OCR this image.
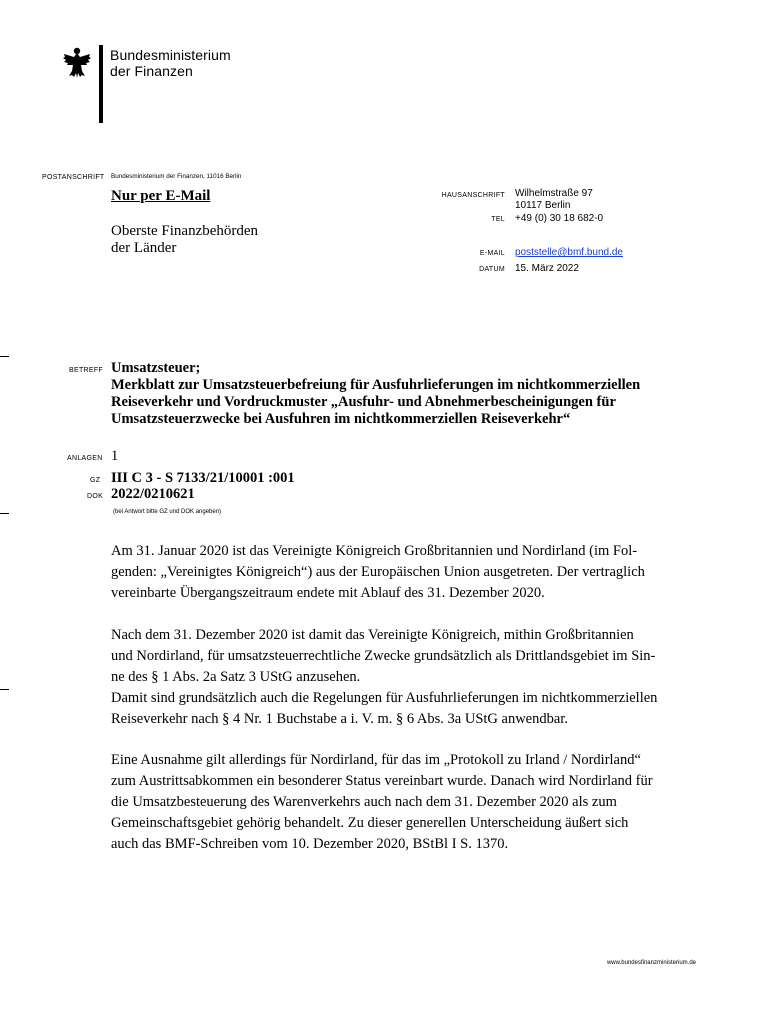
Bundesministerium
der Finanzen
POSTANSCHRIFT Bundesministerium der Finanzen, 11016 Berlin
Nur per E-Mail
Oberste Finanzbehörden
der Länder
HAUSANSCHRIFT Wilhelmstraße 97
10117 Berlin
TEL +49 (0) 30 18 682-0
E-MAIL poststelle@bmf.bund.de
DATUM 15. März 2022
BETREFF Umsatzsteuer;
Merkblatt zur Umsatzsteuerbefreiung für Ausfuhrlieferungen im nichtkommerziellen
Reiseverkehr und Vordruckmuster „Ausfuhr- und Abnehmerbescheinigungen für
Umsatzsteuerzwecke bei Ausfuhren im nichtkommerziellen Reiseverkehr“
ANLAGEN 1
GZ III C 3 - S 7133/21/10001 :001
DOK 2022/0210621
(bei Antwort bitte GZ und DOK angeben)
Am 31. Januar 2020 ist das Vereinigte Königreich Großbritannien und Nordirland (im Fol-
genden: „Vereinigtes Königreich“) aus der Europäischen Union ausgetreten. Der vertraglich
vereinbarte Übergangszeitraum endete mit Ablauf des 31. Dezember 2020.
Nach dem 31. Dezember 2020 ist damit das Vereinigte Königreich, mithin Großbritannien
und Nordirland, für umsatzsteuerrechtliche Zwecke grundsätzlich als Drittlandsgebiet im Sin-
ne des § 1 Abs. 2a Satz 3 UStG anzusehen.
Damit sind grundsätzlich auch die Regelungen für Ausfuhrlieferungen im nichtkommerziellen
Reiseverkehr nach § 4 Nr. 1 Buchstabe a i. V. m. § 6 Abs. 3a UStG anwendbar.
Eine Ausnahme gilt allerdings für Nordirland, für das im „Protokoll zu Irland / Nordirland“
zum Austrittsabkommen ein besonderer Status vereinbart wurde. Danach wird Nordirland für
die Umsatzbesteuerung des Warenverkehrs auch nach dem 31. Dezember 2020 als zum
Gemeinschaftsgebiet gehörig behandelt. Zu dieser generellen Unterscheidung äußert sich
auch das BMF-Schreiben vom 10. Dezember 2020, BStBl I S. 1370.
www.bundesfinanzministerium.de
